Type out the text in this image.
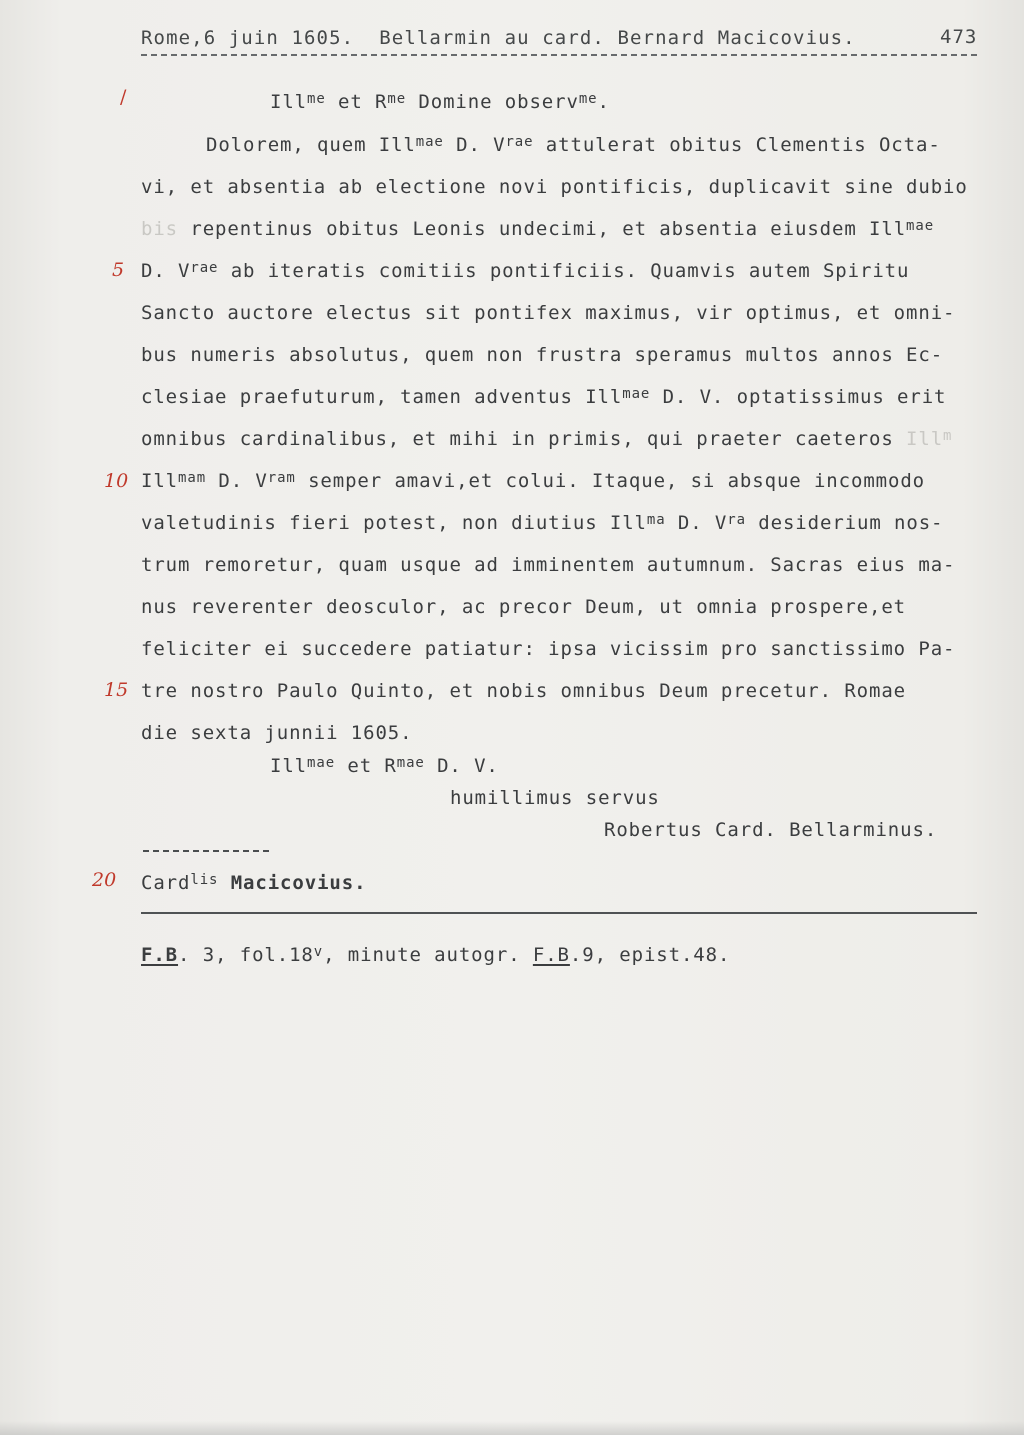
Rome,6 juin 1605.  Bellarmin au card. Bernard Macicovius.	473
/
5
10
15
20
Ill$^{me}$ et $R^{me}$ Domine observ$^{me}$.
Dolorem, quem Ill$^{mae}$ D. $V^{rae}$ attulerat obitus Clementis Octa-
vi, et absentia ab electione novi pontificis, duplicavit sine dubio
bis repentinus obitus Leonis undecimi, et absentia eiusdem Ill$^{mae}$
D. $V^{rae}$ ab iteratis comitiis pontificiis. Quamvis autem Spiritu
Sancto auctore electus sit pontifex maximus, vir optimus, et omni-
bus numeris absolutus, quem non frustra speramus multos annos Ec-
clesiae praefuturum, tamen adventus Ill$^{mae}$ D. V. optatissimus erit
omnibus cardinalibus, et mihi in primis, qui praeter caeteros Ill$^m$
Ill$^{mam}$ D. $V^{ram}$ semper amavi,et colui. Itaque, si absque incommodo
valetudinis fieri potest, non diutius Ill$^{ma}$ D. $V^{ra}$ desiderium nos-
trum remoretur, quam usque ad imminentem autumnum. Sacras eius ma-
nus reverenter deosculor, ac precor Deum, ut omnia prospere,et
feliciter ei succedere patiatur: ipsa vicissim pro sanctissimo Pa-
tre nostro Paulo Quinto, et nobis omnibus Deum precetur. Romae
die sexta junnii 1605.
Ill$^{mae}$ et $R^{mae}$ D. V.
humillimus servus
Robertus Card. Bellarminus.
Card$^{lis}$ Macicovius.
F.B. 3, fol.18$^v$, minute autogr. F.B.9, epist.48.
